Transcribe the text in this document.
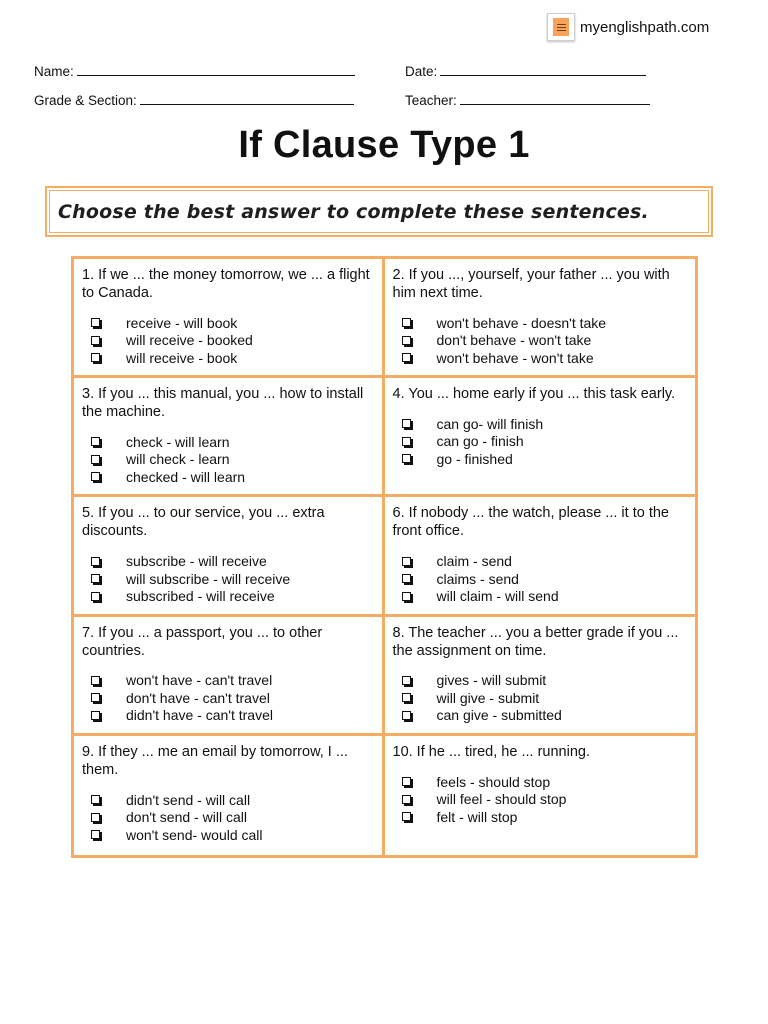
myenglishpath.com
Name:	Date:
Grade & Section:	Teacher:
If Clause Type 1
Choose the best answer to complete these sentences.

1. If we ... the money tomorrow, we ... a flight to Canada.

receive - will book
will receive - booked
will receive - book

2. If you ..., yourself, your father ... you with him next time.

won't behave - doesn't take
don't behave - won't take
won't behave - won't take

3. If you ... this manual, you ... how to install the machine.

check - will learn
will check - learn
checked - will learn

4. You ... home early if you ... this task early.

can go- will finish
can go - finish
go - finished

5. If you ... to our service, you ... extra discounts.

subscribe - will receive
will subscribe - will receive
subscribed - will receive

6. If nobody ... the watch, please ... it to the front office.

claim - send
claims - send
will claim - will send

7. If you ... a passport, you ... to other countries.

won't have - can't travel
don't have - can't travel
didn't have - can't travel

8. The teacher ... you a better grade if you ... the assignment on time.

gives - will submit
will give - submit
can give - submitted

9. If they ... me an email by tomorrow, I ... them.

didn't send - will call
don't send - will call
won't send- would call

10. If he ... tired, he ... running.

feels - should stop
will feel - should stop
felt - will stop
